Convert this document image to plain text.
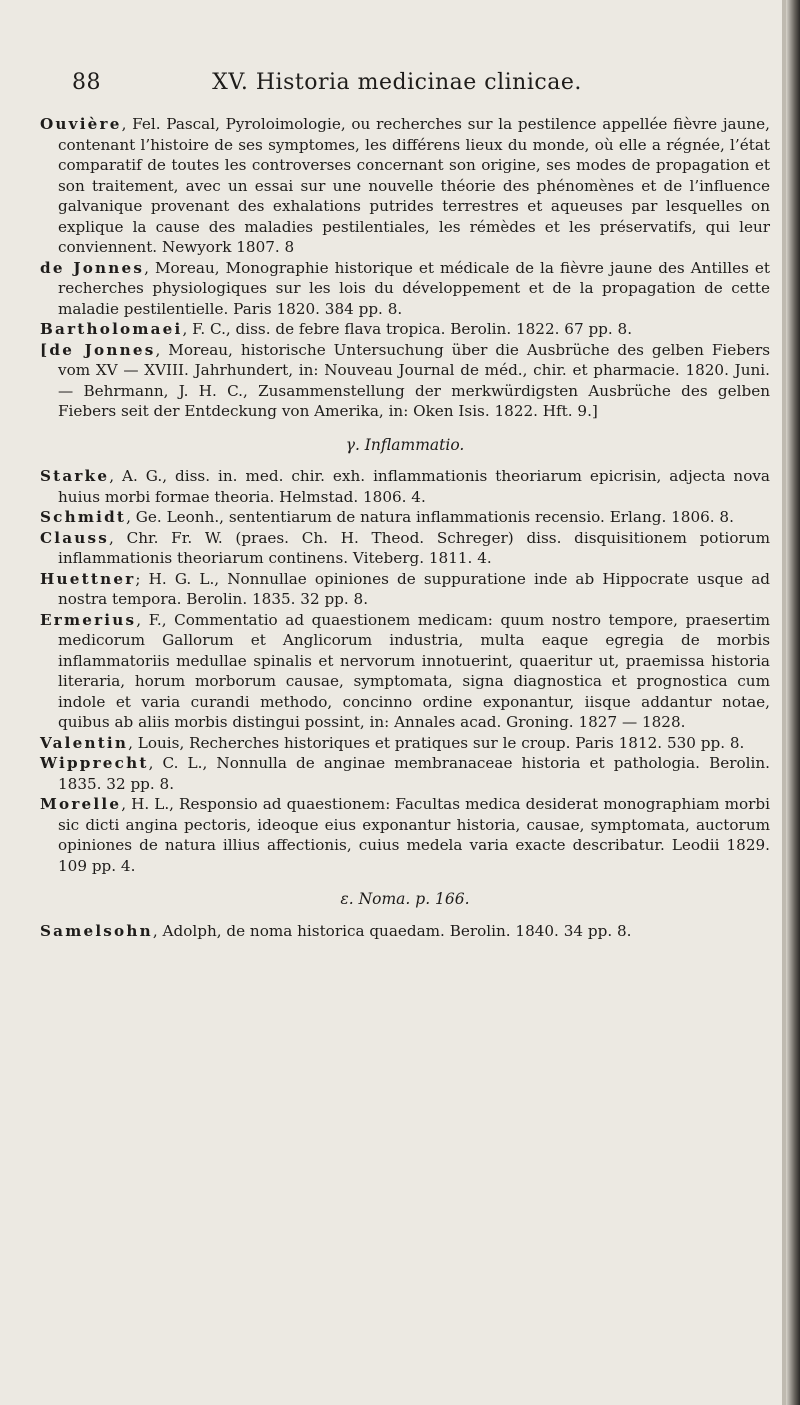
88	XV. Historia medicinae clinicae.

Ouvière, Fel. Pascal, Pyroloimologie, ou recherches sur la pestilence appellée fièvre jaune, contenant l’histoire de ses symptomes, les différens lieux du monde, où elle a régnée, l’état comparatif de toutes les controverses concernant son origine, ses modes de propagation et son traitement, avec un essai sur une nouvelle théorie des phénomènes et de l’influence galvanique provenant des exhalations putrides terrestres et aqueuses par lesquelles on explique la cause des maladies pestilentiales, les rémèdes et les préservatifs, qui leur conviennent. Newyork 1807. 8

de Jonnes, Moreau, Monographie historique et médicale de la fièvre jaune des Antilles et recherches physiologiques sur les lois du développement et de la propagation de cette maladie pestilentielle. Paris 1820. 384 pp. 8.

Bartholomaei, F. C., diss. de febre flava tropica. Berolin. 1822. 67 pp. 8.

[de Jonnes, Moreau, historische Untersuchung über die Ausbrüche des gelben Fiebers vom XV — XVIII. Jahrhundert, in: Nouveau Journal de méd., chir. et pharmacie. 1820. Juni. — Behrmann, J. H. C., Zusammenstellung der merkwürdigsten Ausbrüche des gelben Fiebers seit der Entdeckung von Amerika, in: Oken Isis. 1822. Hft. 9.]

γ. Inflammatio.

Starke, A. G., diss. in. med. chir. exh. inflammationis theoriarum epicrisin, adjecta nova huius morbi formae theoria. Helmstad. 1806. 4.

Schmidt, Ge. Leonh., sententiarum de natura inflammationis recensio. Erlang. 1806. 8.

Clauss, Chr. Fr. W. (praes. Ch. H. Theod. Schreger) diss. disquisitionem potiorum inflammationis theoriarum continens. Viteberg. 1811. 4.

Huettner; H. G. L., Nonnullae opiniones de suppuratione inde ab Hippocrate usque ad nostra tempora. Berolin. 1835. 32 pp. 8.

Ermerius, F., Commentatio ad quaestionem medicam: quum nostro tempore, praesertim medicorum Gallorum et Anglicorum industria, multa eaque egregia de morbis inflammatoriis medullae spinalis et nervorum innotuerint, quaeritur ut, praemissa historia literaria, horum morborum causae, symptomata, signa diagnostica et prognostica cum indole et varia curandi methodo, concinno ordine exponantur, iisque addantur notae, quibus ab aliis morbis distingui possint, in: Annales acad. Groning. 1827 — 1828.

Valentin, Louis, Recherches historiques et pratiques sur le croup. Paris 1812. 530 pp. 8.

Wipprecht, C. L., Nonnulla de anginae membranaceae historia et pathologia. Berolin. 1835. 32 pp. 8.

Morelle, H. L., Responsio ad quaestionem: Facultas medica desiderat monographiam morbi sic dicti angina pectoris, ideoque eius exponantur historia, causae, symptomata, auctorum opiniones de natura illius affectionis, cuius medela varia exacte describatur. Leodii 1829. 109 pp. 4.

ε. Noma. p. 166.

Samelsohn, Adolph, de noma historica quaedam. Berolin. 1840. 34 pp. 8.
